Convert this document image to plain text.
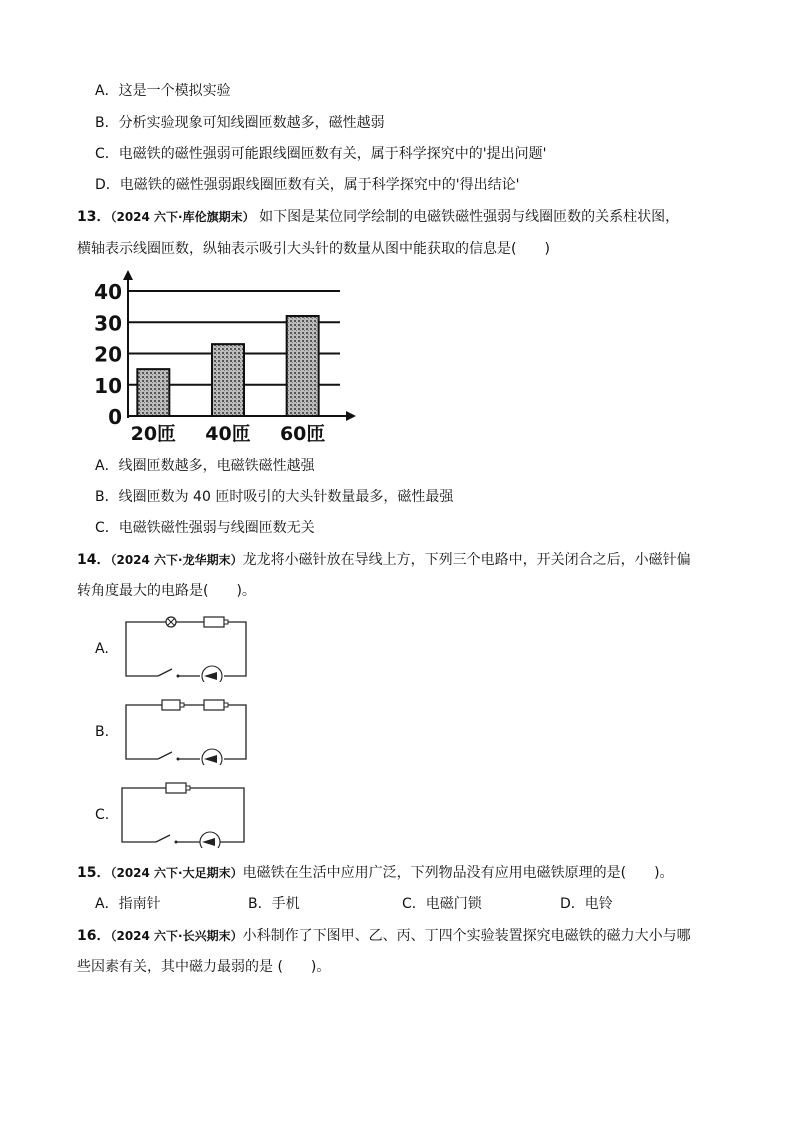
A．这是一个模拟实验
B．分析实验现象可知线圈匝数越多，磁性越弱
C．电磁铁的磁性强弱可能跟线圈匝数有关，属于科学探究中的'提出问题'
D．电磁铁的磁性强弱跟线圈匝数有关，属于科学探究中的'得出结论'
13．（2024 六下·库伦旗期末） 如下图是某位同学绘制的电磁铁磁性强弱与线圈匝数的关系柱状图，
横轴表示线圈匝数，纵轴表示吸引大头针的数量从图中能获取的信息是(　　)
0
10
20
30
40
20匝 40匝 60匝
A．线圈匝数越多，电磁铁磁性越强
B．线圈匝数为 40 匝时吸引的大头针数量最多，磁性最强
C．电磁铁磁性强弱与线圈匝数无关
14．（2024 六下·龙华期末）龙龙将小磁针放在导线上方，下列三个电路中，开关闭合之后，小磁针偏
转角度最大的电路是(　　)。
A.
B.
C.
15．（2024 六下·大足期末）电磁铁在生活中应用广泛，下列物品没有应用电磁铁原理的是(　　)。
A．指南针	B．手机	C．电磁门锁	D．电铃
16．（2024 六下·长兴期末）小科制作了下图甲、乙、丙、丁四个实验装置探究电磁铁的磁力大小与哪
些因素有关，其中磁力最弱的是 (　　)。
